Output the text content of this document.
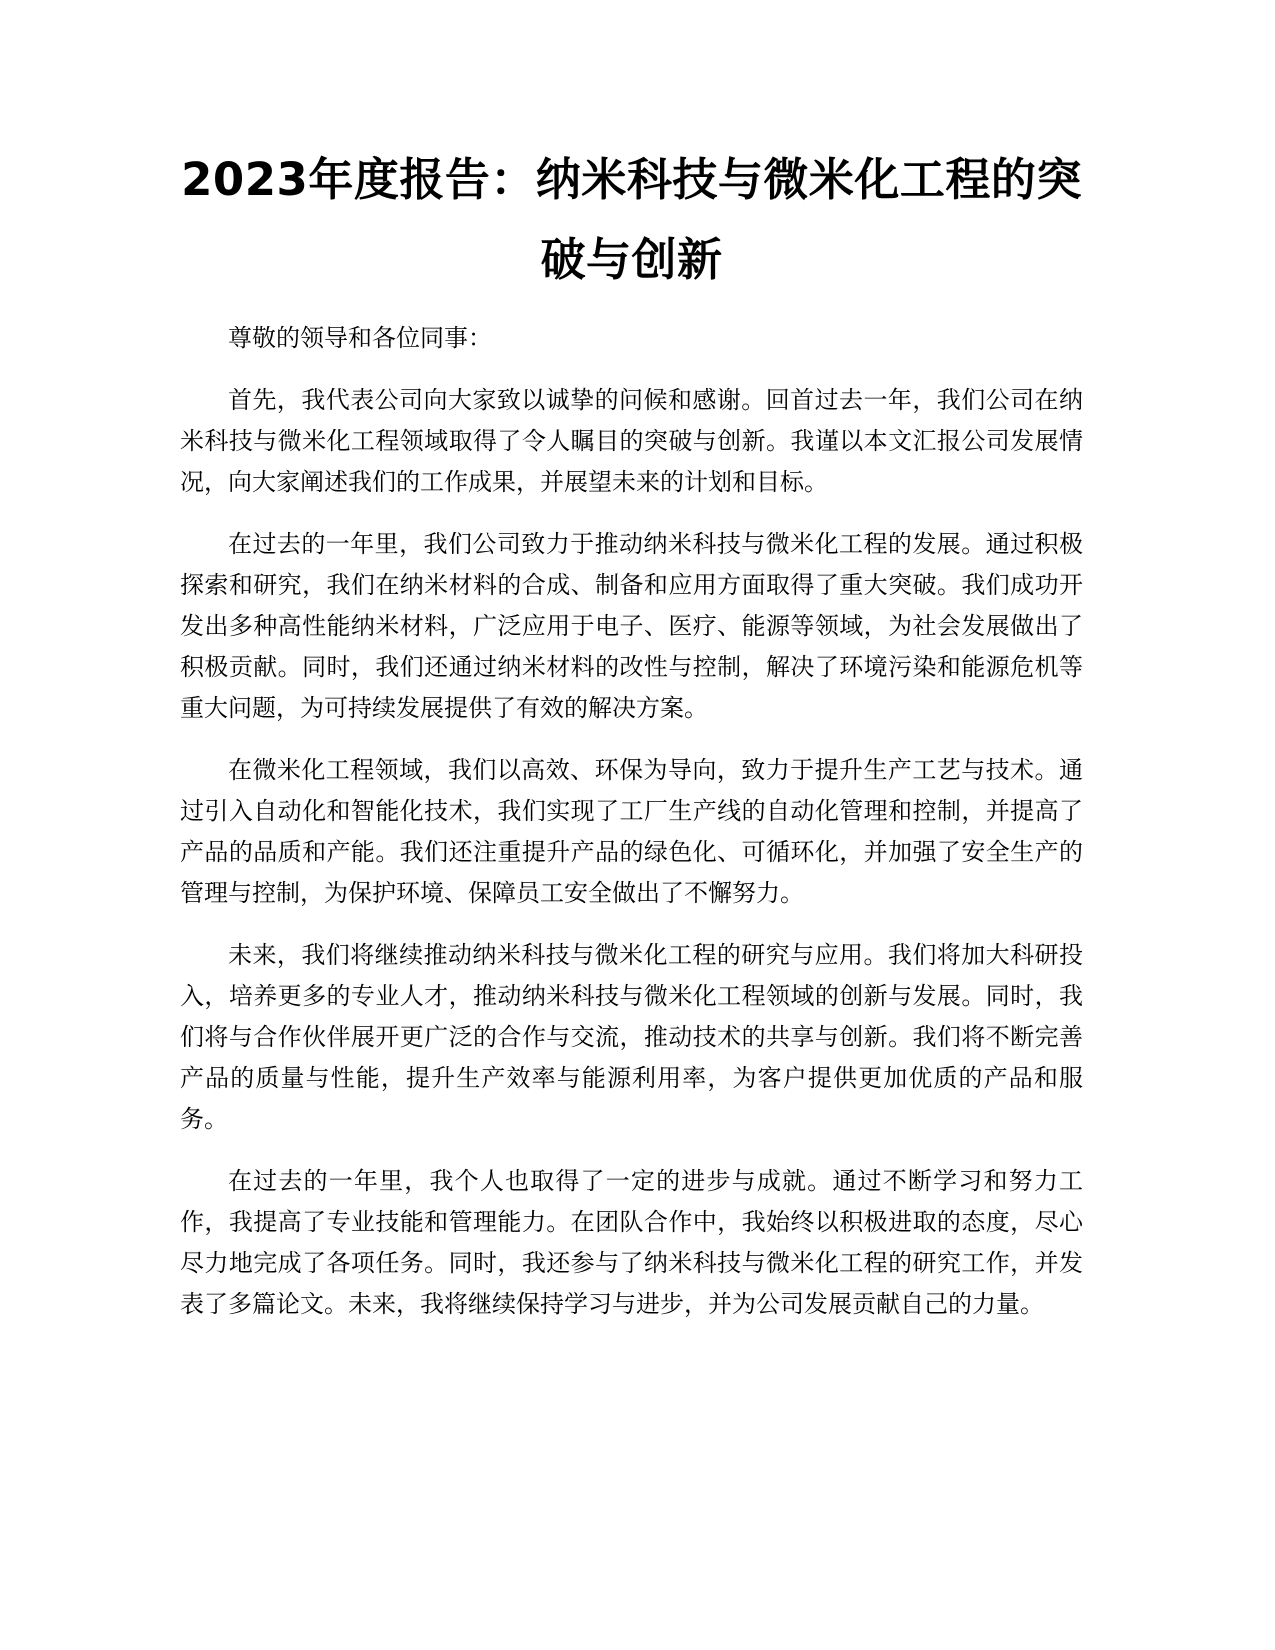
2023年度报告：纳米科技与微米化工程的突破与创新

尊敬的领导和各位同事：

首先，我代表公司向大家致以诚挚的问候和感谢。回首过去一年，我们公司在纳米科技与微米化工程领域取得了令人瞩目的突破与创新。我谨以本文汇报公司发展情况，向大家阐述我们的工作成果，并展望未来的计划和目标。

在过去的一年里，我们公司致力于推动纳米科技与微米化工程的发展。通过积极探索和研究，我们在纳米材料的合成、制备和应用方面取得了重大突破。我们成功开发出多种高性能纳米材料，广泛应用于电子、医疗、能源等领域，为社会发展做出了积极贡献。同时，我们还通过纳米材料的改性与控制，解决了环境污染和能源危机等重大问题，为可持续发展提供了有效的解决方案。

在微米化工程领域，我们以高效、环保为导向，致力于提升生产工艺与技术。通过引入自动化和智能化技术，我们实现了工厂生产线的自动化管理和控制，并提高了产品的品质和产能。我们还注重提升产品的绿色化、可循环化，并加强了安全生产的管理与控制，为保护环境、保障员工安全做出了不懈努力。

未来，我们将继续推动纳米科技与微米化工程的研究与应用。我们将加大科研投入，培养更多的专业人才，推动纳米科技与微米化工程领域的创新与发展。同时，我们将与合作伙伴展开更广泛的合作与交流，推动技术的共享与创新。我们将不断完善产品的质量与性能，提升生产效率与能源利用率，为客户提供更加优质的产品和服务。

在过去的一年里，我个人也取得了一定的进步与成就。通过不断学习和努力工作，我提高了专业技能和管理能力。在团队合作中，我始终以积极进取的态度，尽心尽力地完成了各项任务。同时，我还参与了纳米科技与微米化工程的研究工作，并发表了多篇论文。未来，我将继续保持学习与进步，并为公司发展贡献自己的力量。
